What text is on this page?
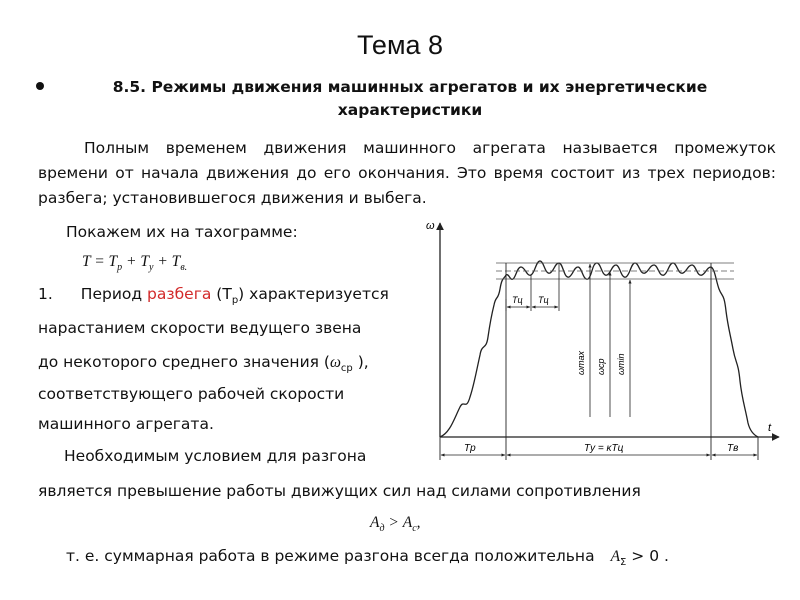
Тема 8
8.5. Режимы движения машинных агрегатов и их энергетические характеристики
Полным временем движения машинного агрегата называется промежуток времени от начала движения до его окончания. Это время состоит из трех периодов: разбега; установившегося движения и выбега.
Покажем их на тахограмме:
$T = T_р + T_у + T_{в.}$
1. Период разбега $(T_р)$ характеризуется
нарастанием скорости ведущего звена
до некоторого среднего значения ($\omega_{ср}$ ),
соответствующего рабочей скорости
машинного агрегата.
Необходимым условием для разгона
является превышение работы движущих сил над силами сопротивления
$А_д > А_с$,
т. е. суммарная работа в режиме разгона всегда положительна $А_\Sigma > 0$ .
ω
t
Tц Tц
ωmax ωср ωmin
Tр	Tу = κTц	Tв
